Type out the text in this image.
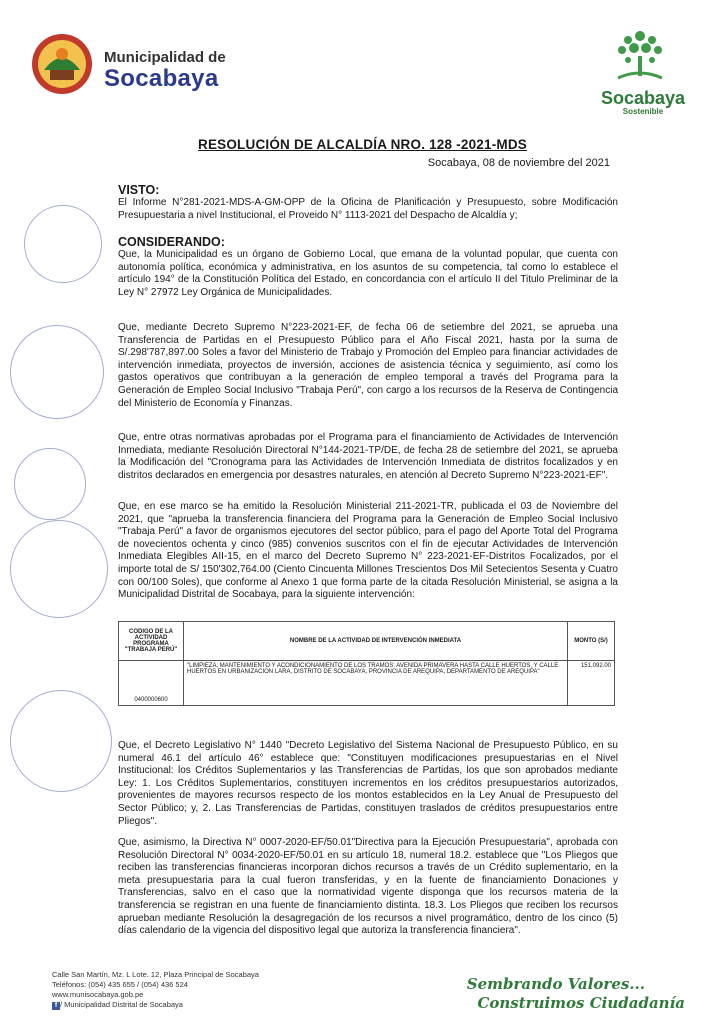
Municipalidad de
Socabaya
Socabaya
Sostenible
RESOLUCIÓN DE ALCALDÍA NRO. 128 -2021-MDS
Socabaya, 08 de noviembre del 2021
VISTO:
El Informe N°281-2021-MDS-A-GM-OPP de la Oficina de Planificación y Presupuesto, sobre Modificación Presupuestaria a nivel Institucional, el Proveido N° 1113-2021 del Despacho de Alcaldía y;
CONSIDERANDO:
Que, la Municipalidad es un órgano de Gobierno Local, que emana de la voluntad popular, que cuenta con autonomía política, económica y administrativa, en los asuntos de su competencia, tal como lo establece el artículo 194° de la Constitución Política del Estado, en concordancia con el artículo II del Titulo Preliminar de la Ley N° 27972 Ley Orgánica de Municipalidades.
Que, mediante Decreto Supremo N°223-2021-EF, de fecha 06 de setiembre del 2021, se aprueba una Transferencia de Partidas en el Presupuesto Público para el Año Fiscal 2021, hasta por la suma de S/.298'787,897.00 Soles a favor del Ministerio de Trabajo y Promoción del Empleo para financiar actividades de intervención inmediata, proyectos de inversión, acciones de asistencia técnica y seguimiento, así como los gastos operativos que contribuyan a la generación de empleo temporal a través del Programa para la Generación de Empleo Social Inclusivo "Trabaja Perú", con cargo a los recursos de la Reserva de Contingencia del Ministerio de Economía y Finanzas.
Que, entre otras normativas aprobadas por el Programa para el financiamiento de Actividades de Intervención Inmediata, mediante Resolución Directoral N°144-2021-TP/DE, de fecha 28 de setiembre del 2021, se aprueba la Modificación del "Cronograma para las Actividades de Intervención Inmediata de distritos focalizados y en distritos declarados en emergencia por desastres naturales, en atención al Decreto Supremo N°223-2021-EF".
Que, en ese marco se ha emitido la Resolución Ministerial 211-2021-TR, publicada el 03 de Noviembre del 2021, que "aprueba la transferencia financiera del Programa para la Generación de Empleo Social Inclusivo "Trabaja Perú" a favor de organismos ejecutores del sector público, para el pago del Aporte Total del Programa de novecientos ochenta y cinco (985) convenios suscritos con el fin de ejecutar Actividades de Intervención Inmediata Elegibles AII-15, en el marco del Decreto Supremo N° 223-2021-EF-Distritos Focalizados, por el importe total de S/ 150'302,764.00 (Ciento Cincuenta Millones Trescientos Dos Mil Setecientos Sesenta y Cuatro con 00/100 Soles), que conforme al Anexo 1 que forma parte de la citada Resolución Ministerial, se asigna a la Municipalidad Distrital de Socabaya, para la siguiente intervención:
CODIGO DE LA ACTIVIDAD PROGRAMA "TRABAJA PERÚ"	NOMBRE DE LA ACTIVIDAD DE INTERVENCIÓN INMEDIATA	MONTO (S/)
0400000600	"LIMPIEZA, MANTENIMIENTO Y ACONDICIONAMIENTO DE LOS TRAMOS: AVENIDA PRIMAVERA HASTA CALLE HUERTOS, Y CALLE HUERTOS EN URBANIZACION LARA, DISTRITO DE SOCABAYA, PROVINCIA DE AREQUIPA, DEPARTAMENTO DE AREQUIPA"	151,092.00
Que, el Decreto Legislativo N° 1440 "Decreto Legislativo del Sistema Nacional de Presupuesto Público, en su numeral 46.1 del artículo 46° establece que: "Constituyen modificaciones presupuestarias en el Nivel Institucional: los Créditos Suplementarios y las Transferencias de Partidas, los que son aprobados mediante Ley: 1. Los Créditos Suplementarios, constituyen incrementos en los créditos presupuestarios autorizados, provenientes de mayores recursos respecto de los montos establecidos en la Ley Anual de Presupuesto del Sector Público; y, 2. Las Transferencias de Partidas, constituyen traslados de créditos presupuestarios entre Pliegos".
Que, asimismo, la Directiva N° 0007-2020-EF/50.01"Directiva para la Ejecución Presupuestaria", aprobada con Resolución Directoral N° 0034-2020-EF/50.01 en su artículo 18, numeral 18.2. establece que "Los Pliegos que reciben las transferencias financieras incorporan dichos recursos a través de un Crédito suplementario, en la meta presupuestaria para la cual fueron transferidas, y en la fuente de financiamiento Donaciones y Transferencias, salvo en el caso que la normatividad vigente disponga que los recursos materia de la transferencia se registran en una fuente de financiamiento distinta. 18.3. Los Pliegos que reciben los recursos aprueban mediante Resolución la desagregación de los recursos a nivel programático, dentro de los cinco (5) días calendario de la vigencia del dispositivo legal que autoriza la transferencia financiera".
Calle San Martín, Mz. L Lote. 12, Plaza Principal de Socabaya
Teléfonos: (054) 435 655 / (054) 436 524
www.munisocabaya.gob.pe
f / Municipalidad Distrital de Socabaya
Sembrando Valores...
Construimos Ciudadanía
